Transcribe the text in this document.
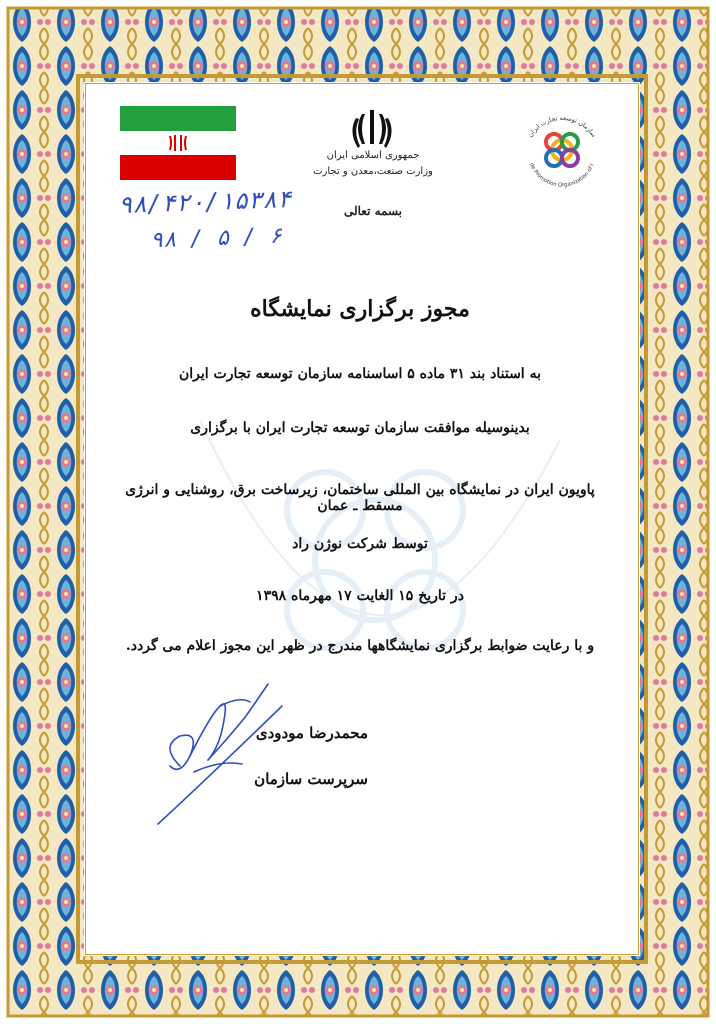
جمهوری اسلامی ایران
وزارت صنعت،معدن و تجارت
سازمان توسعه تجارت ایران
de Promotion Organization of I
بسمه تعالی
۹۸/۴۲۰/۱۵۳۸۴
۹۸ / ۵ / ۶
مجوز برگزاری نمایشگاه
به استناد بند ۳۱ ماده ۵ اساسنامه سازمان توسعه تجارت ایران
بدینوسیله موافقت سازمان توسعه تجارت ایران با برگزاری
پاویون ایران در نمایشگاه بین المللی ساختمان، زیرساخت برق، روشنایی و انرژی مسقط ـ عمان
توسط شرکت نوژن راد
در تاریخ ۱۵ الغایت ۱۷ مهرماه ۱۳۹۸
و با رعایت ضوابط برگزاری نمایشگاهها مندرج در ظهر این مجوز اعلام می گردد.
محمدرضا مودودی
سرپرست سازمان
